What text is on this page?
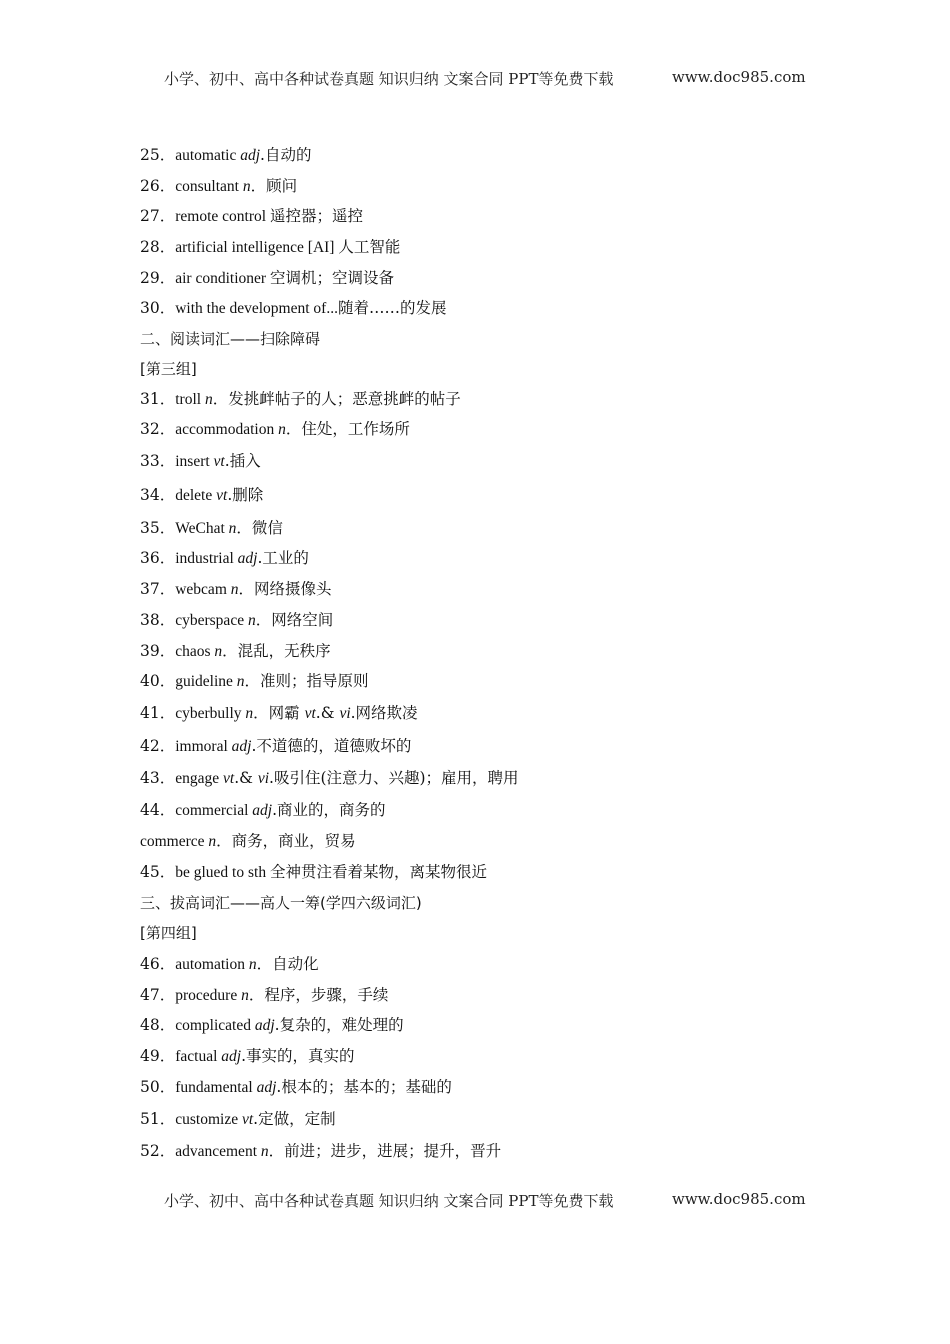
小学、初中、高中各种试卷真题 知识归纳 文案合同 PPT等免费下载	www.doc985.com
25．automatic adj.自动的
26．consultant n．顾问
27．remote control 遥控器；遥控
28．artificial intelligence [AI] 人工智能
29．air conditioner 空调机；空调设备
30．with the development of...随着……的发展
二、阅读词汇——扫除障碍
[第三组]
31．troll n．发挑衅帖子的人；恶意挑衅的帖子
32．accommodation n．住处，工作场所
33．insert vt.插入
34．delete vt.删除
35．WeChat n．微信
36．industrial adj.工业的
37．webcam n．网络摄像头
38．cyberspace n．网络空间
39．chaos n．混乱，无秩序
40．guideline n．准则；指导原则
41．cyberbully n．网霸 vt.& vi.网络欺凌
42．immoral adj.不道德的，道德败坏的
43．engage vt.& vi.吸引住(注意力、兴趣)；雇用，聘用
44．commercial adj.商业的，商务的
commerce n．商务，商业，贸易
45．be glued to sth 全神贯注看着某物，离某物很近
三、拔高词汇——高人一筹(学四六级词汇)
[第四组]
46．automation n．自动化
47．procedure n．程序，步骤，手续
48．complicated adj.复杂的，难处理的
49．factual adj.事实的，真实的
50．fundamental adj.根本的；基本的；基础的
51．customize vt.定做，定制
52．advancement n．前进；进步，进展；提升，晋升
小学、初中、高中各种试卷真题 知识归纳 文案合同 PPT等免费下载	www.doc985.com
